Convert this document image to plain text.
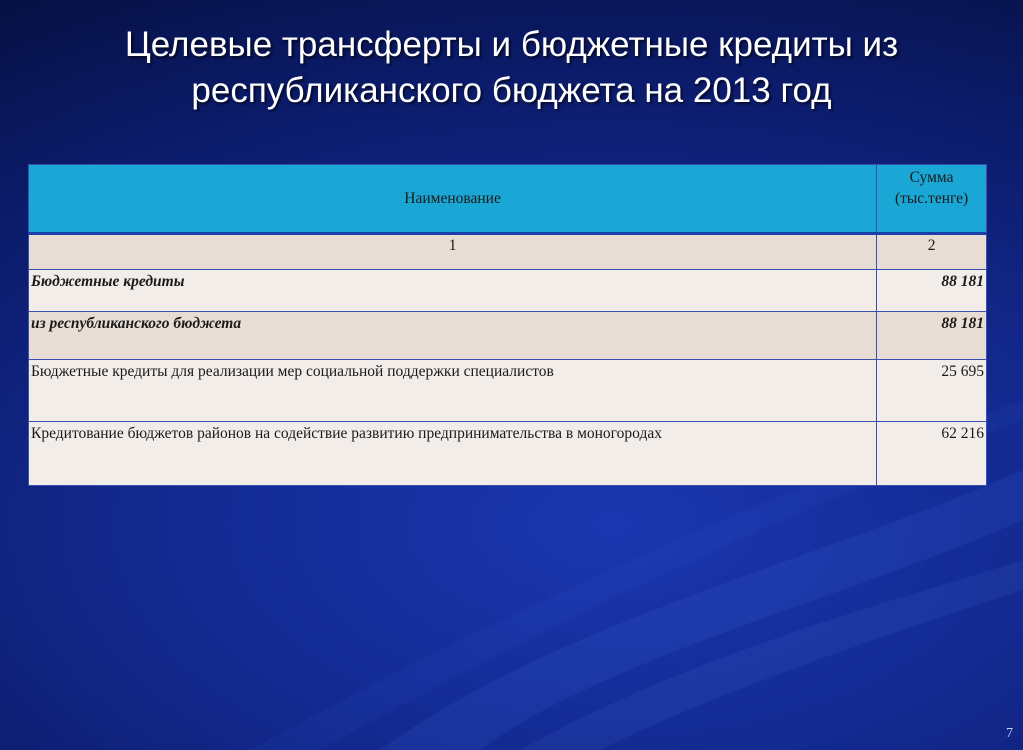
Целевые трансферты и бюджетные кредиты из
республиканского бюджета на 2013 год
Наименование	Сумма
(тыс.тенге)

1	2
Бюджетные кредиты	88 181
из республиканского бюджета	88 181
Бюджетные кредиты для реализации мер социальной поддержки специалистов	25 695
Кредитование бюджетов районов на содействие развитию предпринимательства в моногородах	62 216
7
